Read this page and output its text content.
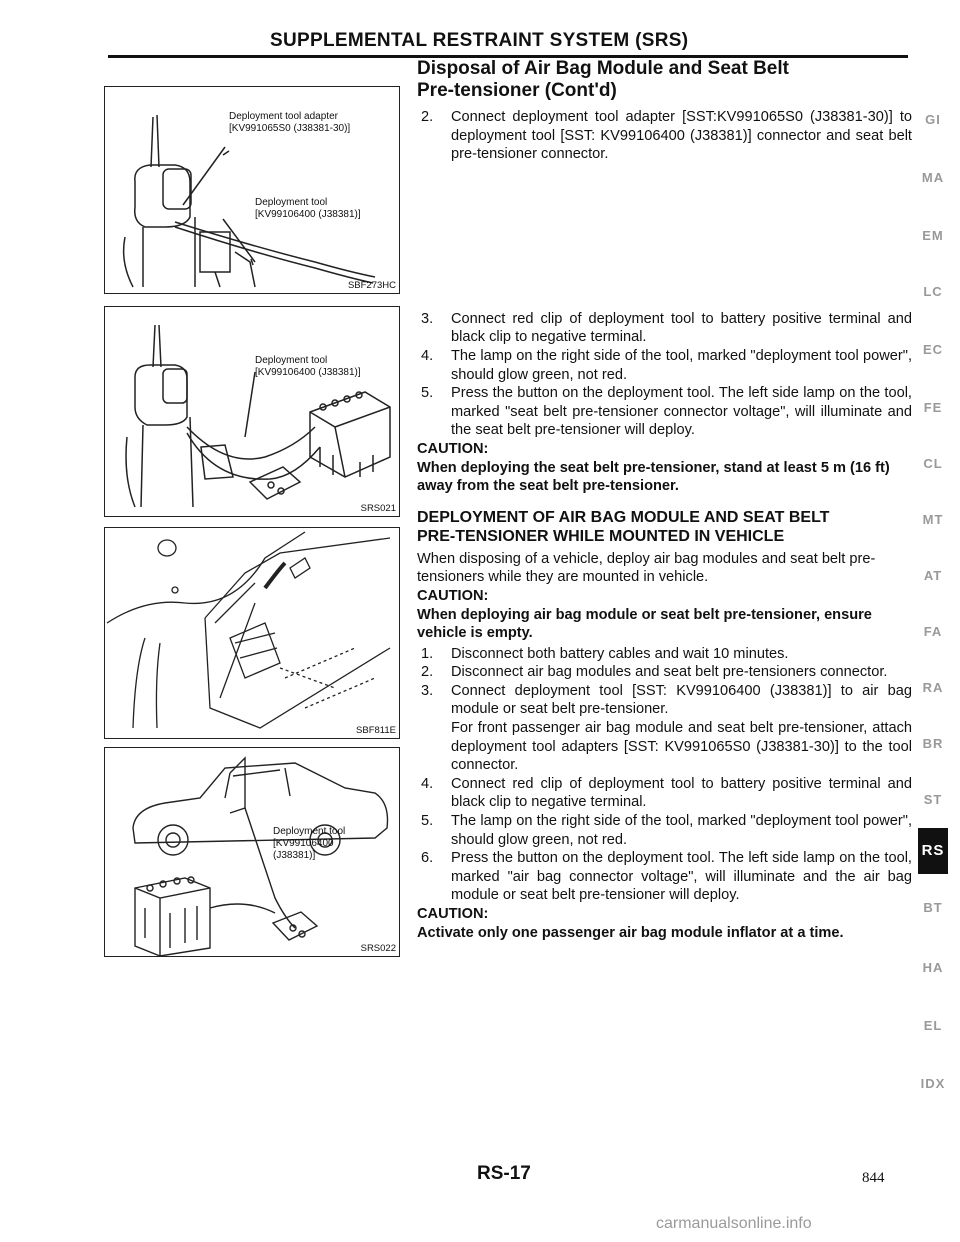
SUPPLEMENTAL RESTRAINT SYSTEM (SRS)
Deployment tool adapter
[KV991065S0 (J38381-30)]
Deployment tool
[KV99106400 (J38381)]
SBF273HC
Deployment tool
[KV99106400 (J38381)]
SRS021
SBF811E
Deployment tool
[KV99106400
(J38381)]
SRS022
Disposal of Air Bag Module and Seat Belt
Pre-tensioner (Cont'd)
2. Connect deployment tool adapter [SST:KV991065S0 (J38381-30)] to deployment tool [SST: KV99106400 (J38381)] connector and seat belt pre-tensioner connector.
3. Connect red clip of deployment tool to battery positive terminal and black clip to negative terminal.
4. The lamp on the right side of the tool, marked "deployment tool power", should glow green, not red.
5. Press the button on the deployment tool. The left side lamp on the tool, marked "seat belt pre-tensioner connector voltage", will illuminate and the seat belt pre-tensioner will deploy.

CAUTION:

When deploying the seat belt pre-tensioner, stand at least 5 m (16 ft) away from the seat belt pre-tensioner.

DEPLOYMENT OF AIR BAG MODULE AND SEAT BELT
PRE-TENSIONER WHILE MOUNTED IN VEHICLE

When disposing of a vehicle, deploy air bag modules and seat belt pre-tensioners while they are mounted in vehicle.

CAUTION:

When deploying air bag module or seat belt pre-tensioner, ensure vehicle is empty.

1. Disconnect both battery cables and wait 10 minutes.
2. Disconnect air bag modules and seat belt pre-tensioners connector.
3. Connect deployment tool [SST: KV99106400 (J38381)] to air bag module or seat belt pre-tensioner.
For front passenger air bag module and seat belt pre-tensioner, attach deployment tool adapters [SST: KV991065S0 (J38381-30)] to the tool connector.
4. Connect red clip of deployment tool to battery positive terminal and black clip to negative terminal.
5. The lamp on the right side of the tool, marked "deployment tool power", should glow green, not red.
6. Press the button on the deployment tool. The left side lamp on the tool, marked "air bag connector voltage", will illuminate and the air bag module or seat belt pre-tensioner will deploy.

CAUTION:

Activate only one passenger air bag module inflator at a time.

GI
MA
EM
LC
EC
FE
CL
MT
AT
FA
RA
BR
ST
RS
BT
HA
EL
IDX
RS-17	844
carmanualsonline.info
